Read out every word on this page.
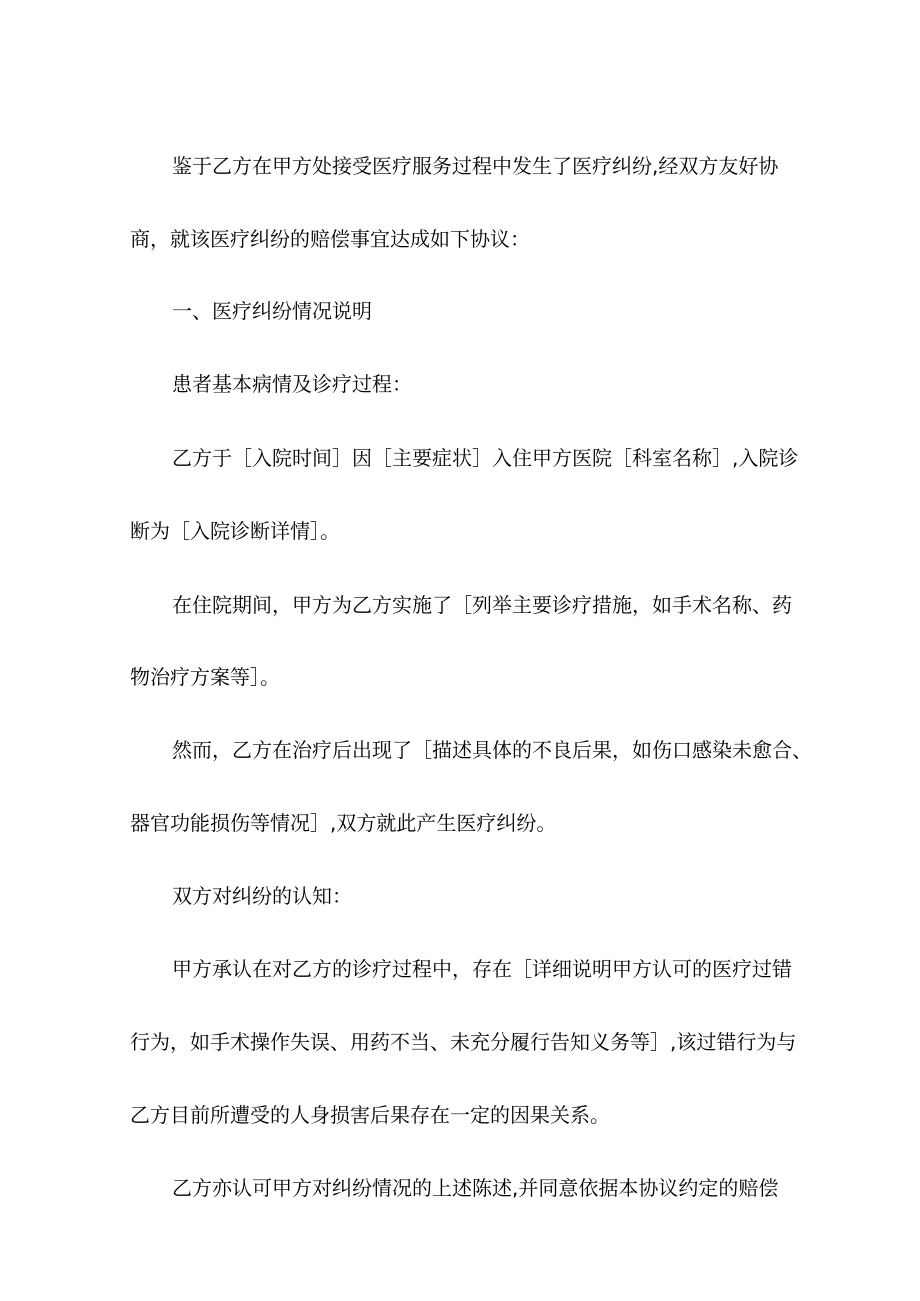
鉴于乙方在甲方处接受医疗服务过程中发生了医疗纠纷,经双方友好协

商，就该医疗纠纷的赔偿事宜达成如下协议：

一、医疗纠纷情况说明

患者基本病情及诊疗过程：

乙方于［入院时间］因［主要症状］入住甲方医院［科室名称］,入院诊

断为［入院诊断详情］。

在住院期间，甲方为乙方实施了［列举主要诊疗措施，如手术名称、药

物治疗方案等］。

然而，乙方在治疗后出现了［描述具体的不良后果，如伤口感染未愈合、

器官功能损伤等情况］,双方就此产生医疗纠纷。

双方对纠纷的认知：

甲方承认在对乙方的诊疗过程中，存在［详细说明甲方认可的医疗过错

行为，如手术操作失误、用药不当、未充分履行告知义务等］,该过错行为与

乙方目前所遭受的人身损害后果存在一定的因果关系。

乙方亦认可甲方对纠纷情况的上述陈述,并同意依据本协议约定的赔偿
